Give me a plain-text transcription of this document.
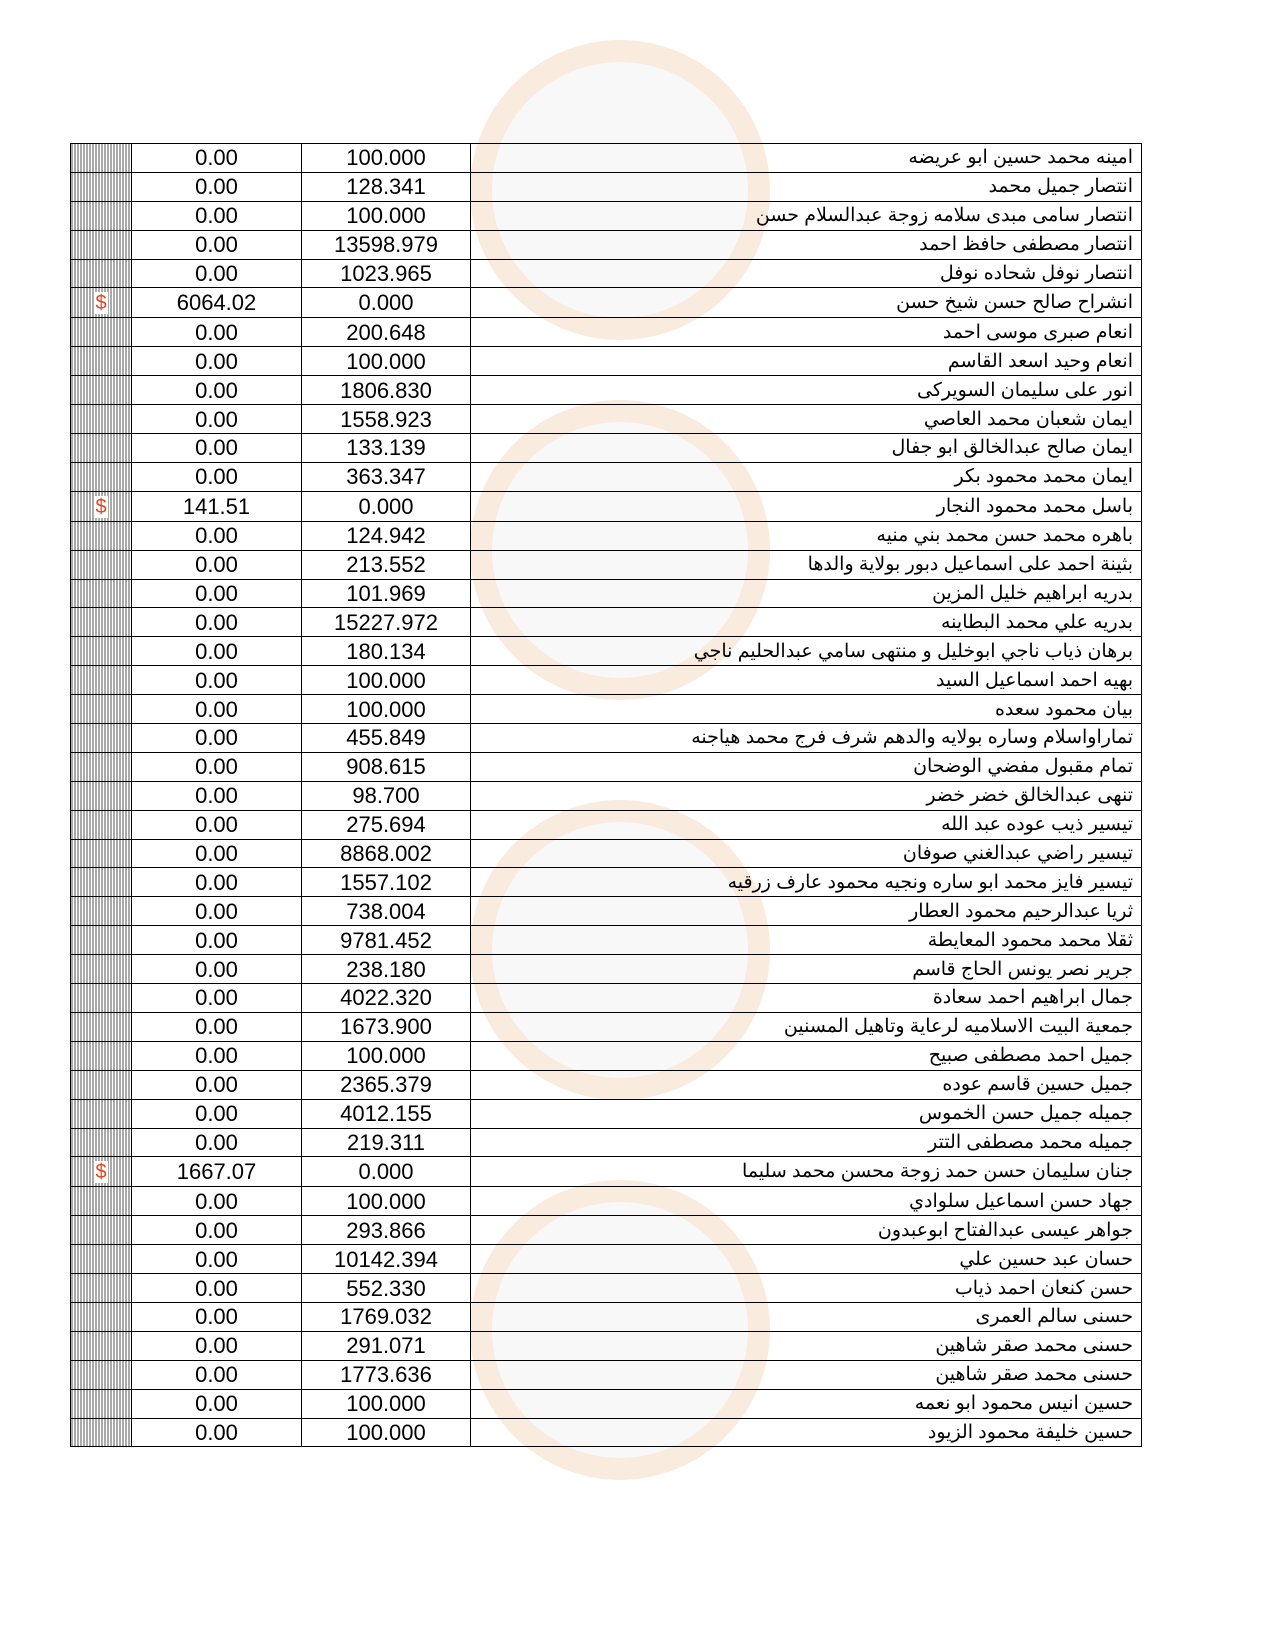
	0.00	100.000	امينه محمد حسين ابو عريضه
	0.00	128.341	انتصار جميل محمد
	0.00	100.000	انتصار سامى مبدى سلامه زوجة عبدالسلام حسن
	0.00	13598.979	انتصار مصطفى حافظ احمد
	0.00	1023.965	انتصار نوفل شحاده نوفل
$	6064.02	0.000	انشراح صالح حسن شيخ حسن
	0.00	200.648	انعام صبرى موسى احمد
	0.00	100.000	انعام وحيد اسعد القاسم
	0.00	1806.830	انور على سليمان السويركى
	0.00	1558.923	ايمان شعبان محمد العاصي
	0.00	133.139	ايمان صالح عبدالخالق ابو جفال
	0.00	363.347	ايمان محمد محمود بكر
$	141.51	0.000	باسل محمد محمود النجار
	0.00	124.942	باهره محمد حسن محمد بني منيه
	0.00	213.552	بثينة احمد على اسماعيل دبور بولاية والدها
	0.00	101.969	بدريه ابراهيم خليل المزين
	0.00	15227.972	بدريه علي محمد البطاينه
	0.00	180.134	برهان ذياب ناجي ابوخليل و منتهى سامي عبدالحليم ناجي
	0.00	100.000	بهيه احمد اسماعيل السيد
	0.00	100.000	بيان محمود سعده
	0.00	455.849	تماراواسلام وساره بولايه والدهم شرف فرج محمد هياجنه
	0.00	908.615	تمام مقبول مفضي الوضحان
	0.00	98.700	تنهى عبدالخالق خضر خضر
	0.00	275.694	تيسير ذيب عوده عبد الله
	0.00	8868.002	تيسير راضي عبدالغني صوفان
	0.00	1557.102	تيسير فايز محمد ابو ساره ونجيه محمود عارف زرقيه
	0.00	738.004	ثريا عبدالرحيم محمود العطار
	0.00	9781.452	ثقلا محمد محمود المعايطة
	0.00	238.180	جرير نصر يونس الحاج قاسم
	0.00	4022.320	جمال ابراهيم احمد سعادة
	0.00	1673.900	جمعية البيت الاسلاميه لرعاية وتاهيل المسنين
	0.00	100.000	جميل احمد مصطفى صبيح
	0.00	2365.379	جميل حسين قاسم عوده
	0.00	4012.155	جميله جميل حسن الخموس
	0.00	219.311	جميله محمد مصطفى التتر
$	1667.07	0.000	جنان سليمان حسن حمد زوجة محسن محمد سليما
	0.00	100.000	جهاد حسن اسماعيل سلوادي
	0.00	293.866	جواهر عيسى عبدالفتاح ابوعبدون
	0.00	10142.394	حسان عبد حسين علي
	0.00	552.330	حسن كنعان احمد ذياب
	0.00	1769.032	حسنى سالم العمرى
	0.00	291.071	حسنى محمد صقر شاهين
	0.00	1773.636	حسنى محمد صقر شاهين
	0.00	100.000	حسين انيس محمود ابو نعمه
	0.00	100.000	حسين خليفة محمود الزيود
